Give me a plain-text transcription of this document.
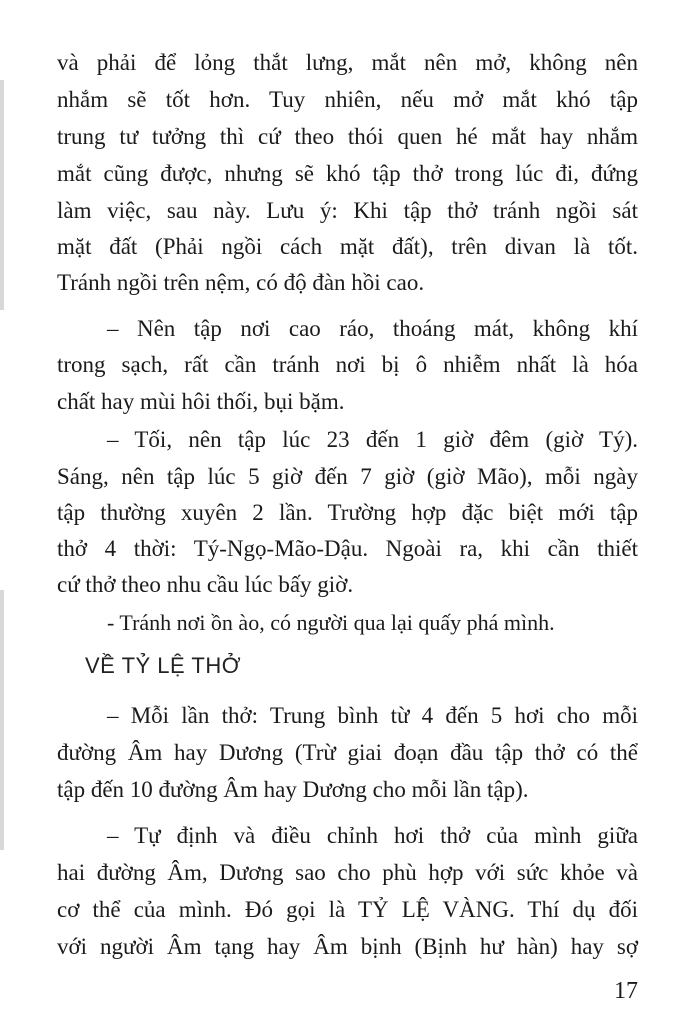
và phải để lỏng thắt lưng, mắt nên mở, không nên
nhắm sẽ tốt hơn. Tuy nhiên, nếu mở mắt khó tập
trung tư tưởng thì cứ theo thói quen hé mắt hay nhắm
mắt cũng được, nhưng sẽ khó tập thở trong lúc đi, đứng
làm việc, sau này. Lưu ý: Khi tập thở tránh ngồi sát
mặt đất (Phải ngồi cách mặt đất), trên divan là tốt.
Tránh ngồi trên nệm, có độ đàn hồi cao.
– Nên tập nơi cao ráo, thoáng mát, không khí
trong sạch, rất cần tránh nơi bị ô nhiễm nhất là hóa
chất hay mùi hôi thối, bụi bặm.
– Tối, nên tập lúc 23 đến 1 giờ đêm (giờ Tý).
Sáng, nên tập lúc 5 giờ đến 7 giờ (giờ Mão), mỗi ngày
tập thường xuyên 2 lần. Trường hợp đặc biệt mới tập
thở 4 thời: Tý-Ngọ-Mão-Dậu. Ngoài ra, khi cần thiết
cứ thở theo nhu cầu lúc bấy giờ.
- Tránh nơi ồn ào, có người qua lại quấy phá mình.
VỀ TỶ LỆ THỞ
– Mỗi lần thở: Trung bình từ 4 đến 5 hơi cho mỗi
đường Âm hay Dương (Trừ giai đoạn đầu tập thở có thể
tập đến 10 đường Âm hay Dương cho mỗi lần tập).
– Tự định và điều chỉnh hơi thở của mình giữa
hai đường Âm, Dương sao cho phù hợp với sức khỏe và
cơ thể của mình. Đó gọi là TỶ LỆ VÀNG. Thí dụ đối
với người Âm tạng hay Âm bịnh (Bịnh hư hàn) hay sợ
17
